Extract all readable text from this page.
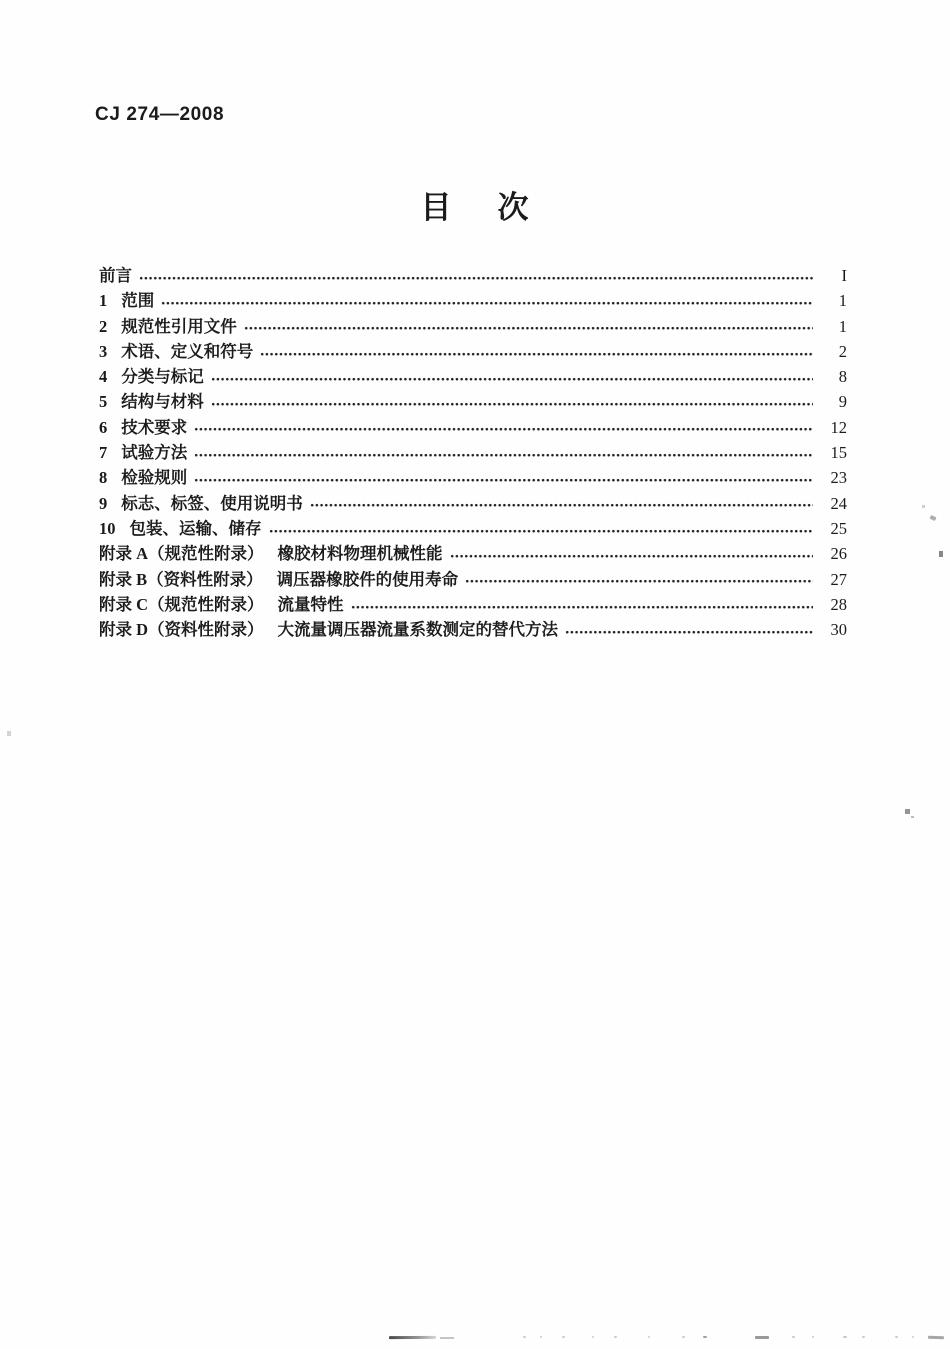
CJ 274—2008
目 次
前言	I
1 范围	1
2 规范性引用文件	1
3 术语、定义和符号	2
4 分类与标记	8
5 结构与材料	9
6 技术要求	12
7 试验方法	15
8 检验规则	23
9 标志、标签、使用说明书	24
10 包装、运输、储存	25
附录 A（规范性附录） 橡胶材料物理机械性能	26
附录 B（资料性附录） 调压器橡胶件的使用寿命	27
附录 C（规范性附录） 流量特性	28
附录 D（资料性附录） 大流量调压器流量系数测定的替代方法	30
